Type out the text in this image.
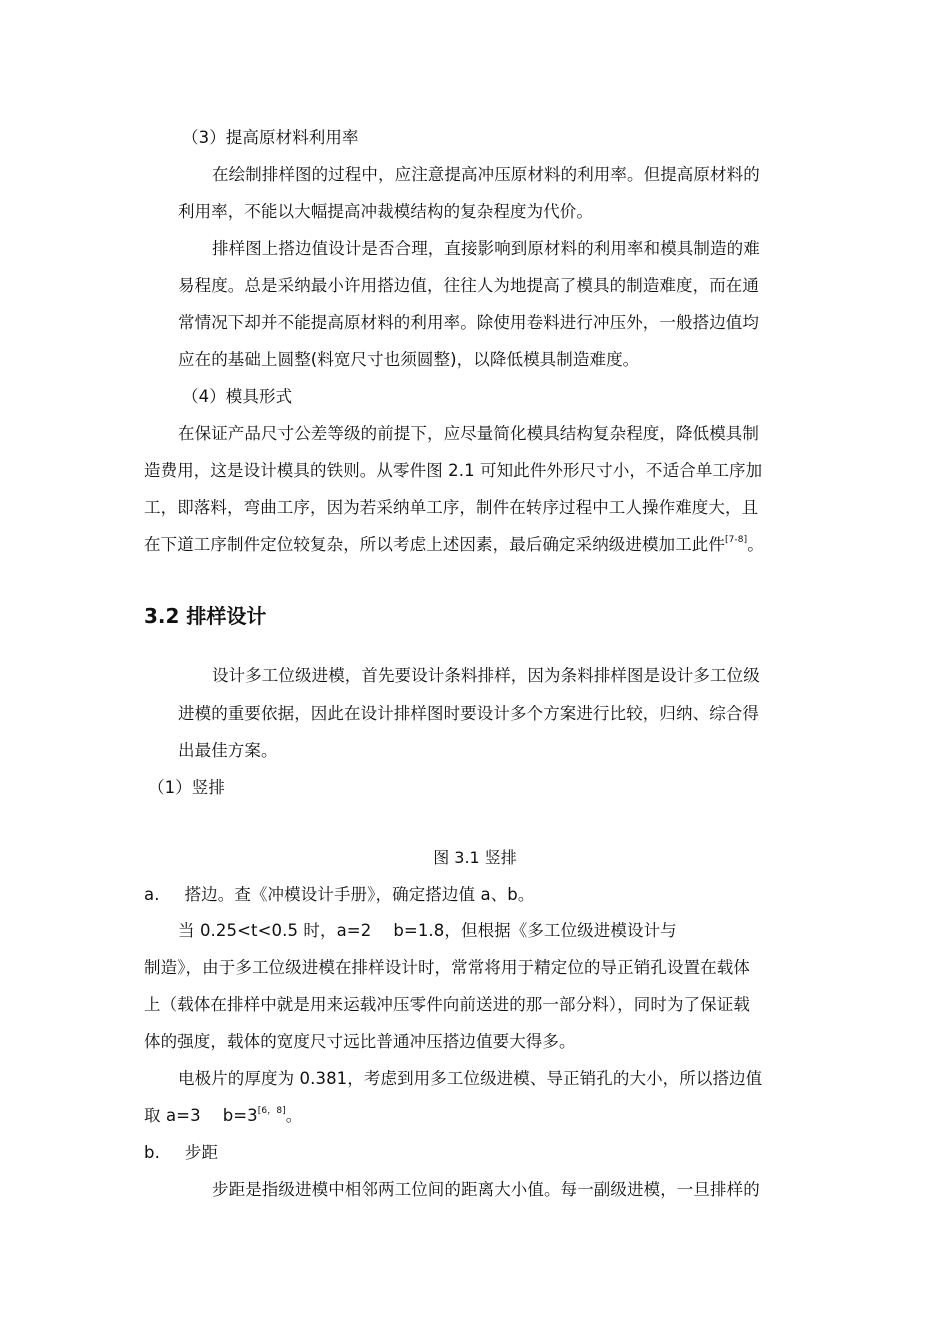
（3）提高原材料利用率
在绘制排样图的过程中，应注意提高冲压原材料的利用率。但提高原材料的
利用率，不能以大幅提高冲裁模结构的复杂程度为代价。
排样图上搭边值设计是否合理，直接影响到原材料的利用率和模具制造的难
易程度。总是采纳最小许用搭边值，往往人为地提高了模具的制造难度，而在通
常情况下却并不能提高原材料的利用率。除使用卷料进行冲压外，一般搭边值均
应在的基础上圆整(料宽尺寸也须圆整)，以降低模具制造难度。
（4）模具形式
在保证产品尺寸公差等级的前提下，应尽量简化模具结构复杂程度，降低模具制
造费用，这是设计模具的铁则。从零件图 2.1 可知此件外形尺寸小，不适合单工序加
工，即落料，弯曲工序，因为若采纳单工序，制件在转序过程中工人操作难度大，且
在下道工序制件定位较复杂，所以考虑上述因素，最后确定采纳级进模加工此件[7-8]。
3.2 排样设计
设计多工位级进模，首先要设计条料排样，因为条料排样图是设计多工位级
进模的重要依据，因此在设计排样图时要设计多个方案进行比较，归纳、综合得
出最佳方案。
（1）竖排
图 3.1 竖排
a. 搭边。查《冲模设计手册》，确定搭边值 a、b。
当 0.25<t<0.5 时，a=2 b=1.8，但根据《多工位级进模设计与
制造》，由于多工位级进模在排样设计时，常常将用于精定位的导正销孔设置在载体
上（载体在排样中就是用来运载冲压零件向前送进的那一部分料），同时为了保证载
体的强度，载体的宽度尺寸远比普通冲压搭边值要大得多。
电极片的厚度为 0.381，考虑到用多工位级进模、导正销孔的大小，所以搭边值
取 a=3 b=3[6，8]。
b. 步距
步距是指级进模中相邻两工位间的距离大小值。每一副级进模，一旦排样的
